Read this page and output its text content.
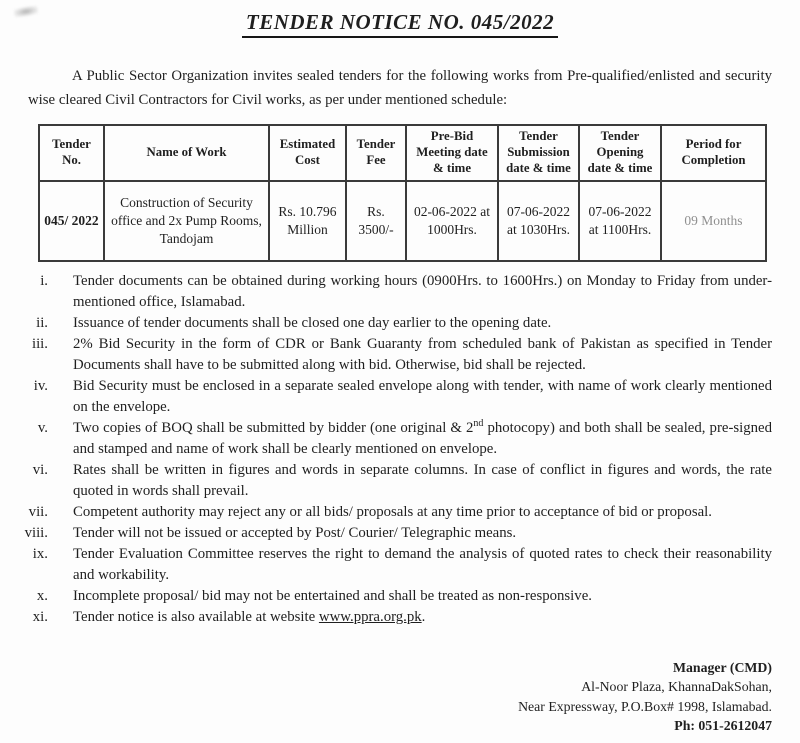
TENDER NOTICE NO. 045/2022

A Public Sector Organization invites sealed tenders for the following works from Pre-qualified/enlisted and security wise cleared Civil Contractors for Civil works, as per under mentioned schedule:

Tender No.	Name of Work	Estimated Cost	Tender Fee	Pre-Bid Meeting date & time	Tender Submission date & time	Tender Opening date & time	Period for Completion
045/ 2022	Construction of Security office and 2x Pump Rooms, Tandojam	Rs. 10.796 Million	Rs. 3500/-	02-06-2022 at 1000Hrs.	07-06-2022 at 1030Hrs.	07-06-2022 at 1100Hrs.	09 Months
i.	Tender documents can be obtained during working hours (0900Hrs. to 1600Hrs.) on Monday to Friday from under- mentioned office, Islamabad.
ii.	Issuance of tender documents shall be closed one day earlier to the opening date.
iii.	2% Bid Security in the form of CDR or Bank Guaranty from scheduled bank of Pakistan as specified in Tender Documents shall have to be submitted along with bid. Otherwise, bid shall be rejected.
iv.	Bid Security must be enclosed in a separate sealed envelope along with tender, with name of work clearly mentioned on the envelope.
v.	Two copies of BOQ shall be submitted by bidder (one original & 2nd photocopy) and both shall be sealed, pre-signed and stamped and name of work shall be clearly mentioned on envelope.
vi.	Rates shall be written in figures and words in separate columns. In case of conflict in figures and words, the rate quoted in words shall prevail.
vii.	Competent authority may reject any or all bids/ proposals at any time prior to acceptance of bid or proposal.
viii.	Tender will not be issued or accepted by Post/ Courier/ Telegraphic means.
ix.	Tender Evaluation Committee reserves the right to demand the analysis of quoted rates to check their reasonability and workability.
x.	Incomplete proposal/ bid may not be entertained and shall be treated as non-responsive.
xi.	Tender notice is also available at website www.ppra.org.pk.
Manager (CMD)
Al-Noor Plaza, KhannaDakSohan,
Near Expressway, P.O.Box# 1998, Islamabad.
Ph: 051-2612047
